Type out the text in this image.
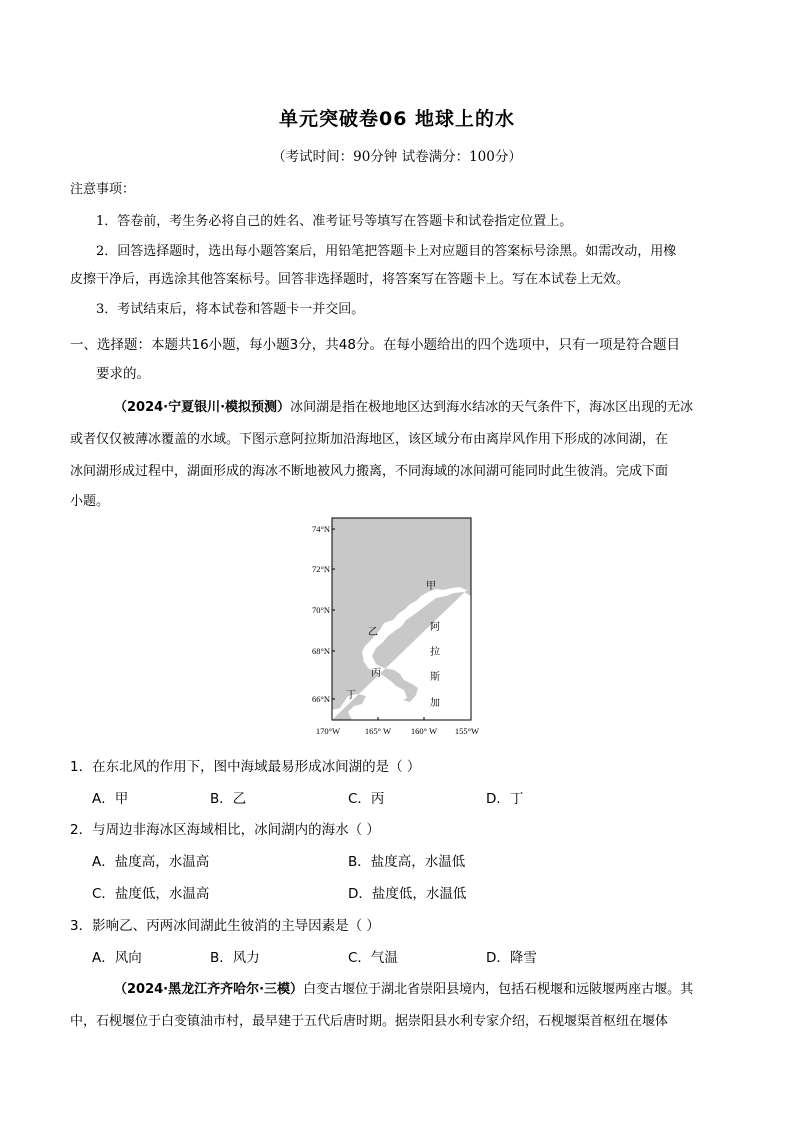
单元突破卷06 地球上的水
（考试时间：90分钟 试卷满分：100分）
注意事项：
1．答卷前，考生务必将自己的姓名、准考证号等填写在答题卡和试卷指定位置上。
2．回答选择题时，选出每小题答案后，用铅笔把答题卡上对应题目的答案标号涂黑。如需改动，用橡
皮擦干净后，再选涂其他答案标号。回答非选择题时，将答案写在答题卡上。写在本试卷上无效。
3．考试结束后，将本试卷和答题卡一并交回。
一、选择题：本题共16小题，每小题3分，共48分。在每小题给出的四个选项中，只有一项是符合题目
要求的。
（2024·宁夏银川·模拟预测）冰间湖是指在极地地区达到海水结冰的天气条件下，海冰区出现的无冰
或者仅仅被薄冰覆盖的水域。下图示意阿拉斯加沿海地区，该区域分布由离岸风作用下形成的冰间湖，在
冰间湖形成过程中，湖面形成的海冰不断地被风力搬离，不同海域的冰间湖可能同时此生彼消。完成下面
小题。
74°N
72°N
70°N
68°N
66°N
170°W	165° W 160° W 155°W
甲
乙
丙
丁
阿
拉
斯
加
1．在东北风的作用下，图中海域最易形成冰间湖的是（ ）
A．甲	B．乙	C．丙	D．丁
2．与周边非海冰区海域相比，冰间湖内的海水（ ）
A．盐度高，水温高	B．盐度高，水温低
C．盐度低，水温高	D．盐度低，水温低
3．影响乙、丙两冰间湖此生彼消的主导因素是（ ）
A．风向	B．风力	C．气温	D．降雪
（2024·黑龙江齐齐哈尔·三模）白变古堰位于湖北省崇阳县境内，包括石枧堰和远陂堰两座古堰。其
中，石枧堰位于白变镇油市村，最早建于五代后唐时期。据崇阳县水利专家介绍，石枧堰渠首枢纽在堰体
